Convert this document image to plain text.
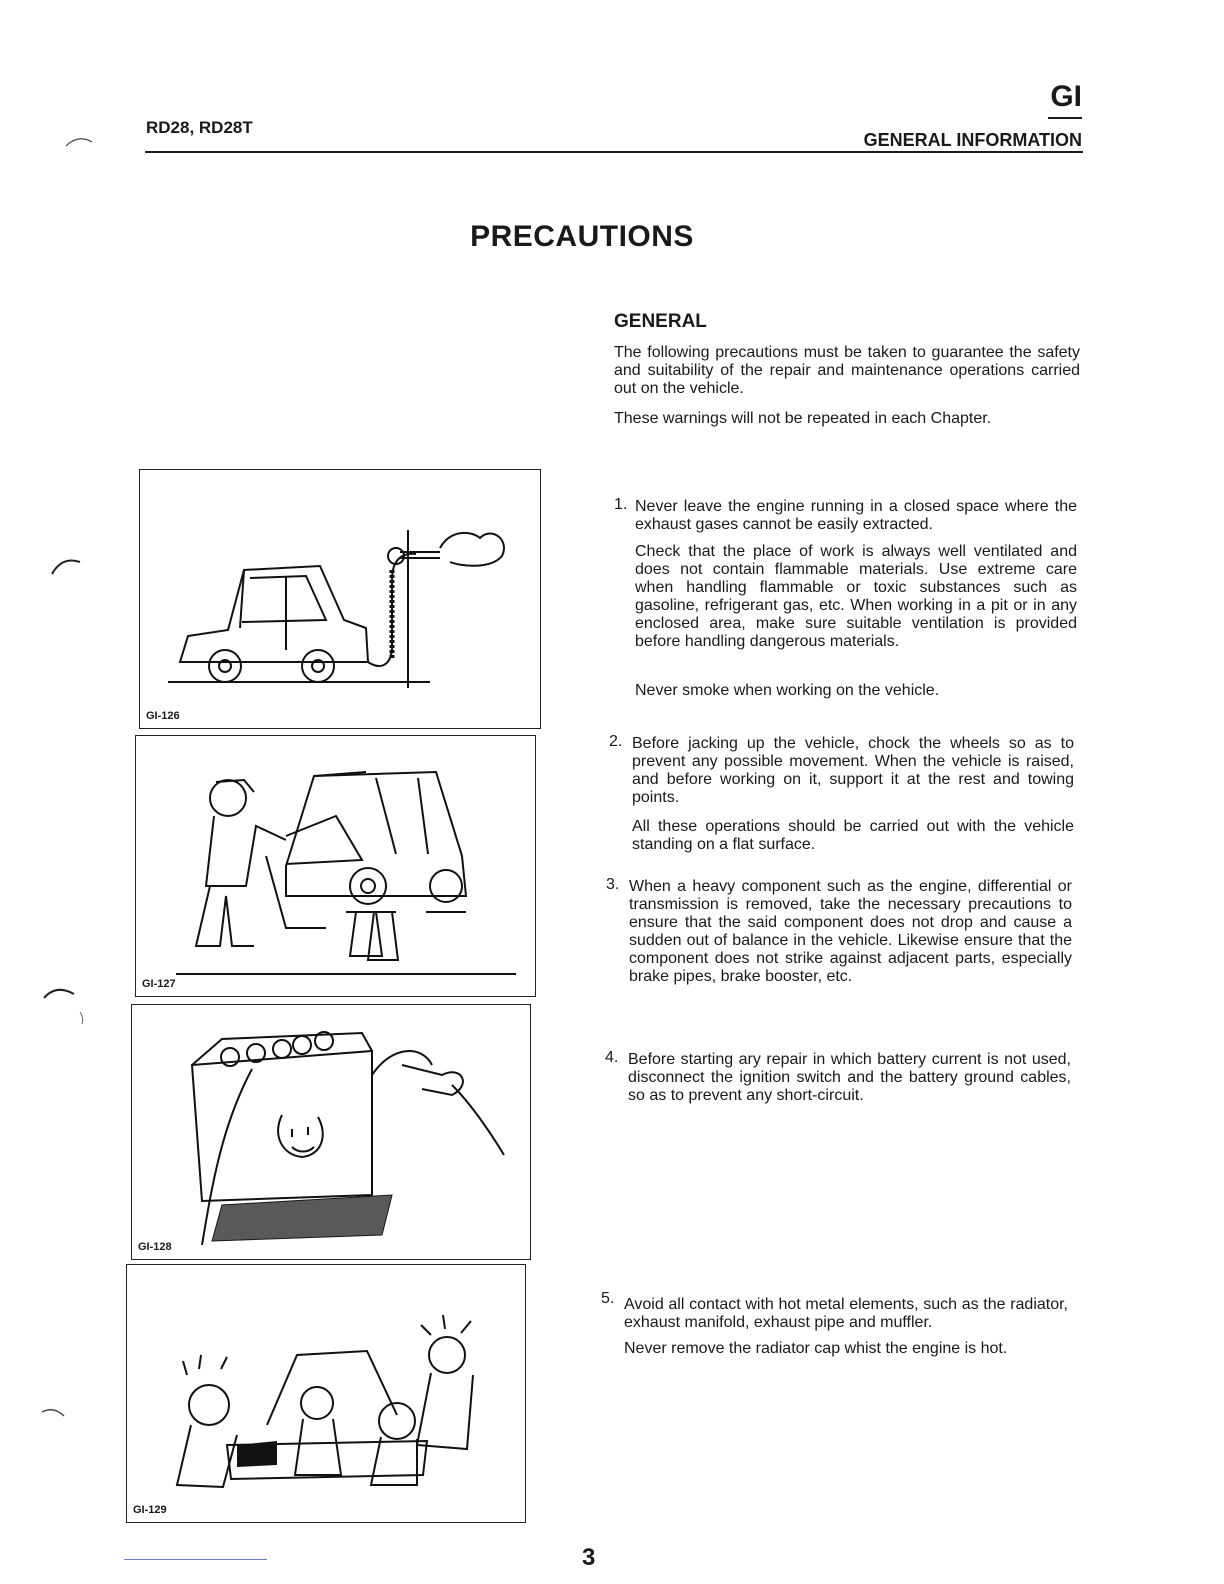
RD28, RD28T
GI
GENERAL INFORMATION
PRECAUTIONS
GENERAL
The following precautions must be taken to guarantee the safety and suitability of the repair and maintenance operations carried out on the vehicle.
These warnings will not be repeated in each Chapter.
1. Never leave the engine running in a closed space where the exhaust gases cannot be easily extracted.
Check that the place of work is always well ventilated and does not contain flammable materials. Use extreme care when handling flammable or toxic substances such as gasoline, refrigerant gas, etc. When working in a pit or in any enclosed area, make sure suitable ventilation is provided before handling dangerous materials.
Never smoke when working on the vehicle.
2. Before jacking up the vehicle, chock the wheels so as to prevent any possible movement. When the vehicle is raised, and before working on it, support it at the rest and towing points.
All these operations should be carried out with the vehicle standing on a flat surface.
3. When a heavy component such as the engine, differential or transmission is removed, take the necessary precautions to ensure that the said component does not drop and cause a sudden out of balance in the vehicle. Likewise ensure that the component does not strike against adjacent parts, especially brake pipes, brake booster, etc.
4. Before starting ary repair in which battery current is not used, disconnect the ignition switch and the battery ground cables, so as to prevent any short-circuit.
5. Avoid all contact with hot metal elements, such as the radiator, exhaust manifold, exhaust pipe and muffler.
Never remove the radiator cap whist the engine is hot.
GI-126
GI-127
GI-128
GI-129
3
